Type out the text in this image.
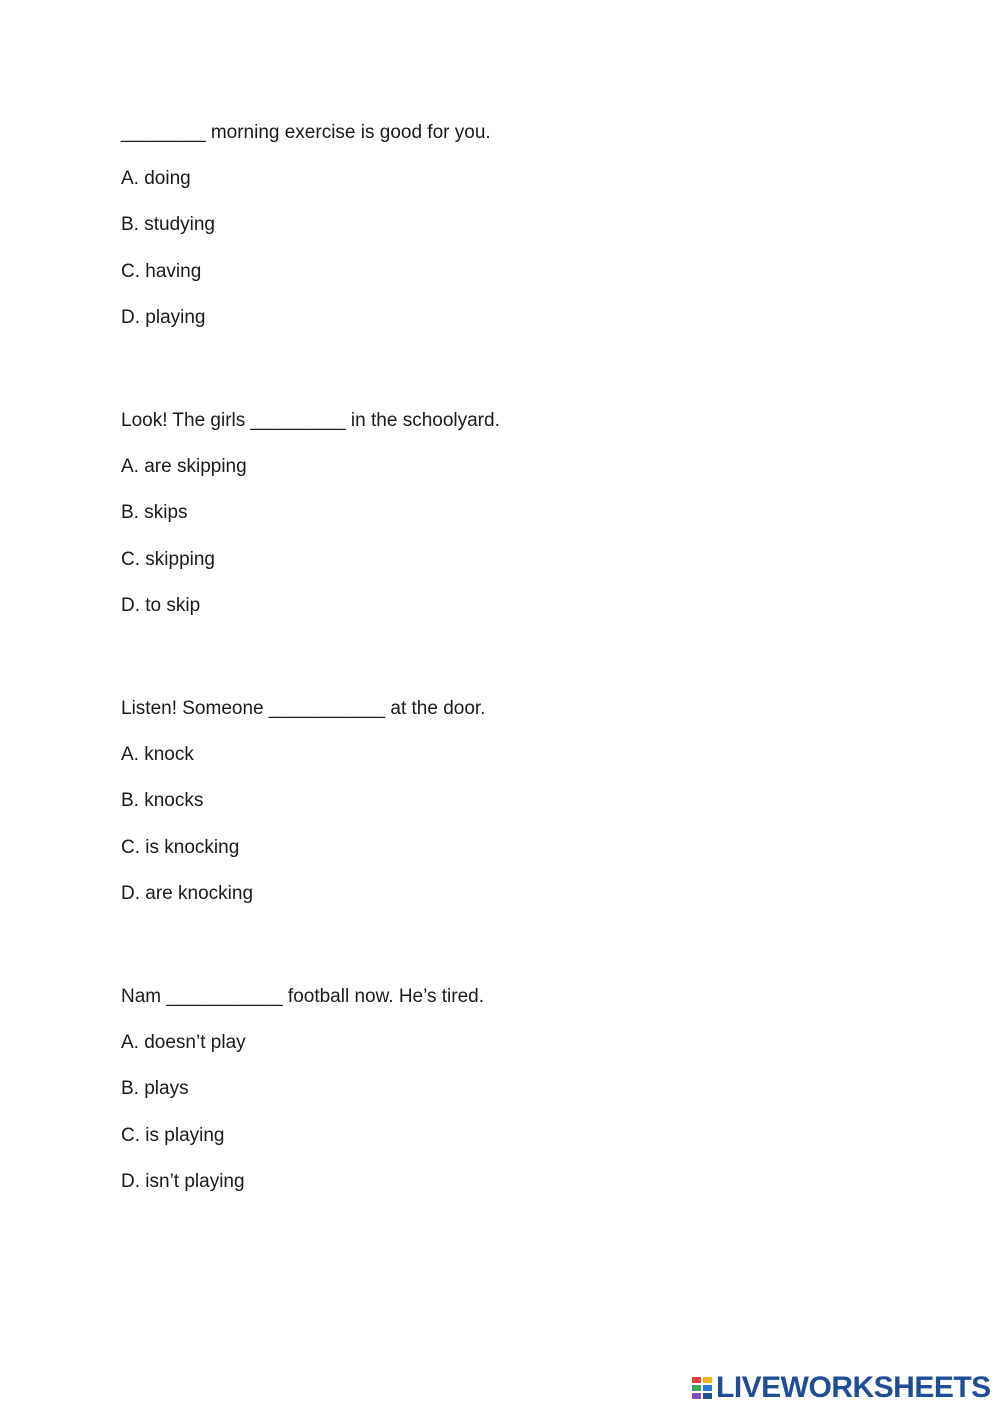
________ morning exercise is good for you.

A. doing

B. studying

C. having

D. playing

Look! The girls _________ in the schoolyard.

A. are skipping

B. skips

C. skipping

D. to skip

Listen! Someone ___________ at the door.

A. knock

B. knocks

C. is knocking

D. are knocking

Nam ___________ football now. He’s tired.

A. doesn’t play

B. plays

C. is playing

D. isn’t playing

LIVEWORKSHEETS
